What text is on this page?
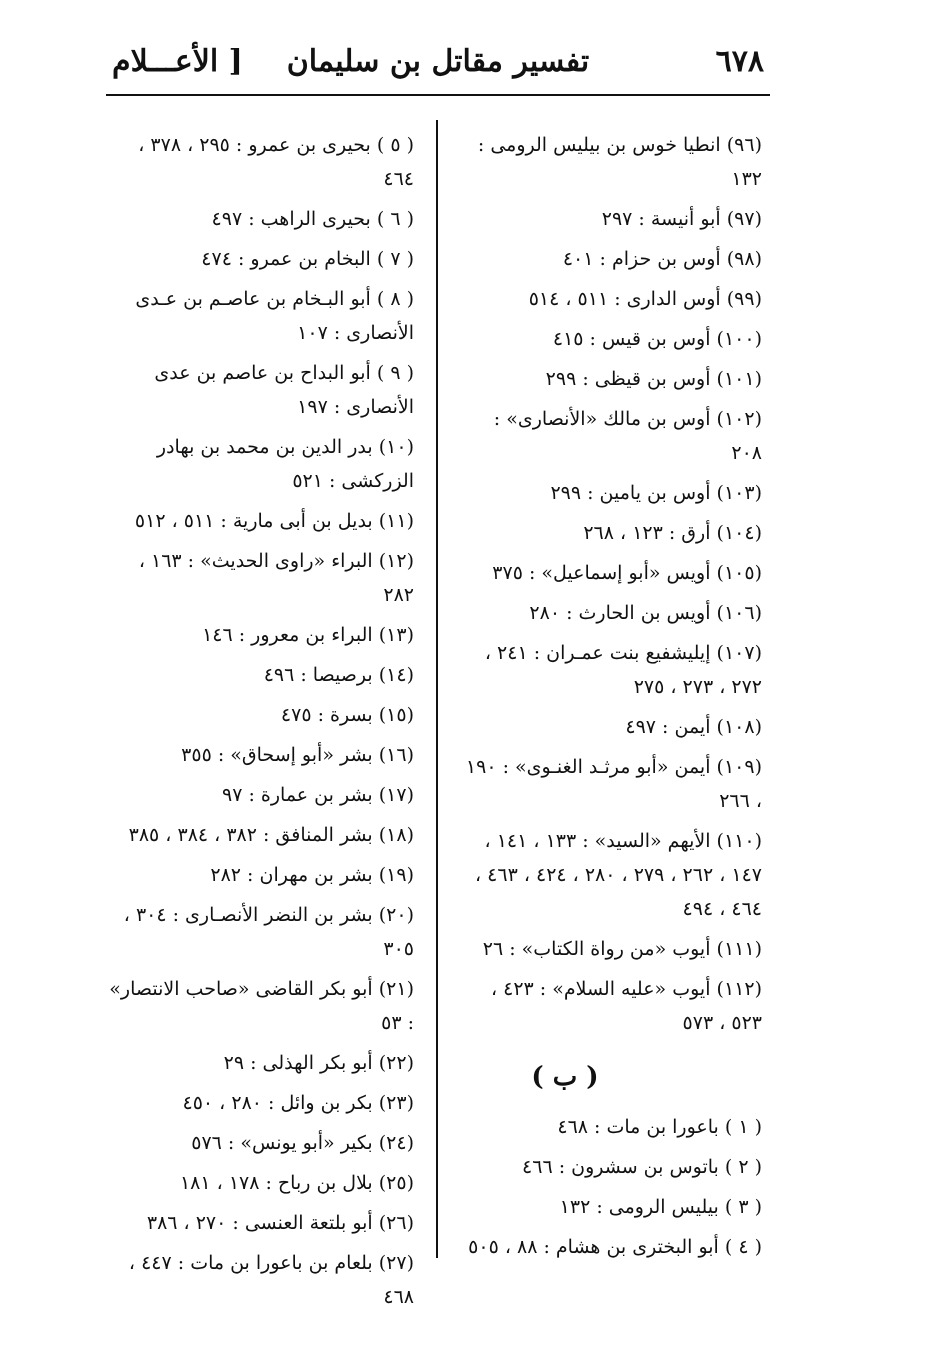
٦٧٨
تفسير مقاتل بن سليمان
[ الأعـــلام
(٩٦) انطيا خوس بن بيليس الرومى : ١٣٢
(٩٧) أبو أنيسة : ٢٩٧
(٩٨) أوس بن حزام : ٤٠١
(٩٩) أوس الدارى : ٥١١ ، ٥١٤
(١٠٠) أوس بن قيس : ٤١٥
(١٠١) أوس بن قيظى : ٢٩٩
(١٠٢) أوس بن مالك «الأنصارى» : ٢٠٨
(١٠٣) أوس بن يامين : ٢٩٩
(١٠٤) أرق : ١٢٣ ، ٢٦٨
(١٠٥) أويس «أبو إسماعيل» : ٣٧٥
(١٠٦) أويس بن الحارث : ٢٨٠
(١٠٧) إيليشفيع بنت عمـران : ٢٤١ ، ٢٧٢ ، ٢٧٣ ، ٢٧٥
(١٠٨) أيمن : ٤٩٧
(١٠٩) أيمن «أبو مرثـد الغنـوى» : ١٩٠ ، ٢٦٦
(١١٠) الأيهم «السيد» : ١٣٣ ، ١٤١ ، ١٤٧ ، ٢٦٢ ، ٢٧٩ ، ٢٨٠ ، ٤٢٤ ، ٤٦٣ ، ٤٦٤ ، ٤٩٤
(١١١) أيوب «من رواة الكتاب» : ٢٦
(١١٢) أيوب «عليه السلام» : ٤٢٣ ، ٥٢٣ ، ٥٧٣
( ب )
( ١ ) باعورا بن مات : ٤٦٨
( ٢ ) باتوس بن سشرون : ٤٦٦
( ٣ ) بيليس الرومى : ١٣٢
( ٤ ) أبو البخترى بن هشام : ٨٨ ، ٥٠٥
( ٥ ) بحيرى بن عمرو : ٢٩٥ ، ٣٧٨ ، ٤٦٤
( ٦ ) بحيرى الراهب : ٤٩٧
( ٧ ) البخام بن عمرو : ٤٧٤
( ٨ ) أبو البـخام بن عاصـم بن عـدى الأنصارى : ١٠٧
( ٩ ) أبو البداح بن عاصم بن عدى الأنصارى : ١٩٧
(١٠) بدر الدين بن محمد بن بهادر الزركشى : ٥٢١
(١١) بديل بن أبى مارية : ٥١١ ، ٥١٢
(١٢) البراء «راوى الحديث» : ١٦٣ ، ٢٨٢
(١٣) البراء بن معرور : ١٤٦
(١٤) برصيصا : ٤٩٦
(١٥) بسرة : ٤٧٥
(١٦) بشر «أبو إسحاق» : ٣٥٥
(١٧) بشر بن عمارة : ٩٧
(١٨) بشر المنافق : ٣٨٢ ، ٣٨٤ ، ٣٨٥
(١٩) بشر بن مهران : ٢٨٢
(٢٠) بشر بن النضر الأنصـارى : ٣٠٤ ، ٣٠٥
(٢١) أبو بكر القاضى «صاحب الانتصار» : ٥٣
(٢٢) أبو بكر الهذلى : ٢٩
(٢٣) بكر بن وائل : ٢٨٠ ، ٤٥٠
(٢٤) بكير «أبو يونس» : ٥٧٦
(٢٥) بلال بن رباح : ١٧٨ ، ١٨١
(٢٦) أبو بلتعة العنسى : ٢٧٠ ، ٣٨٦
(٢٧) بلعام بن باعورا بن مات : ٤٤٧ ، ٤٦٨
